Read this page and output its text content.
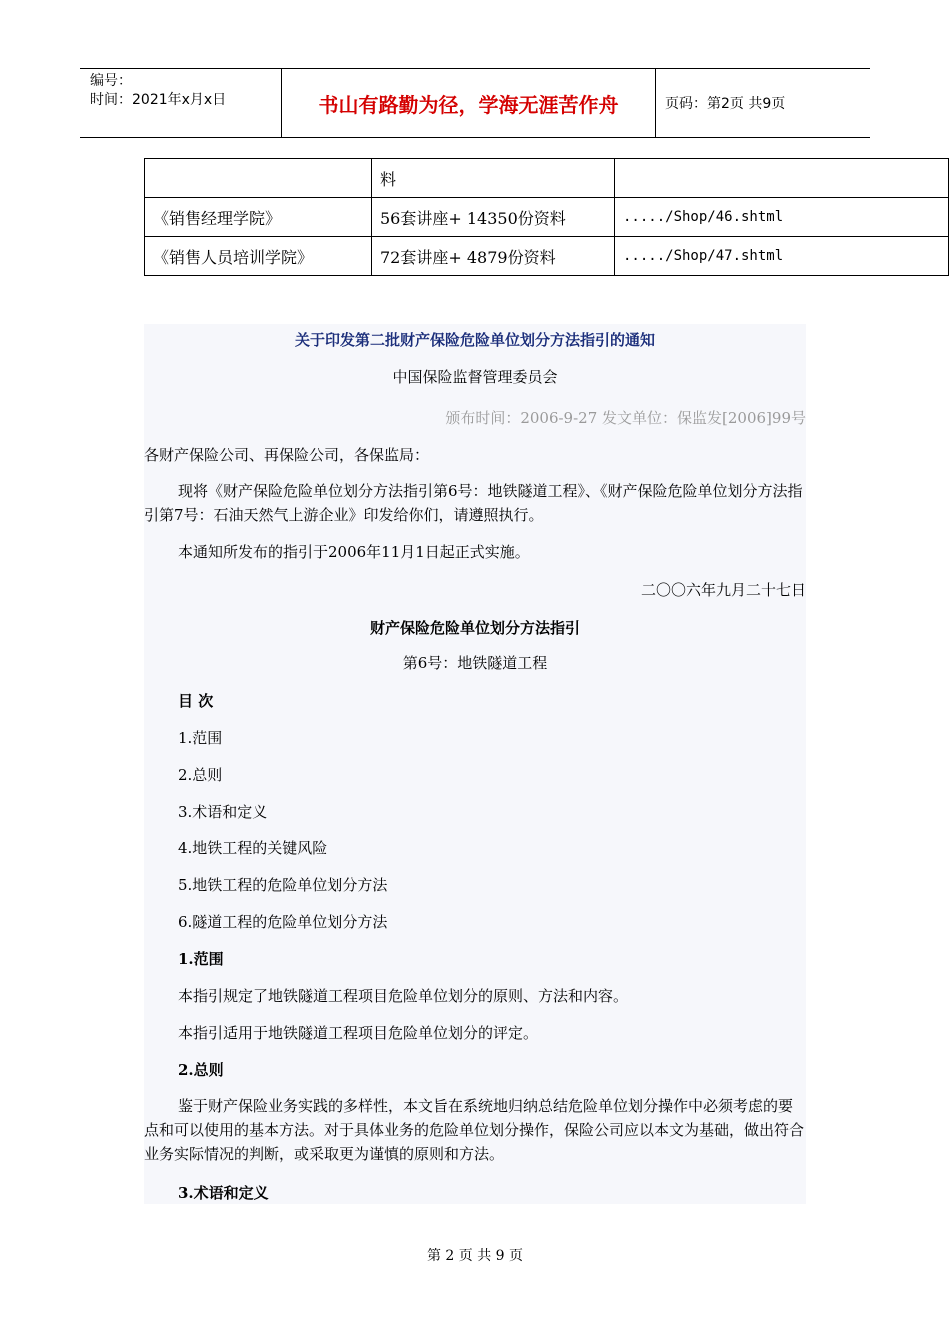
编号：
时间：2021年x月x日	书山有路勤为径，学海无涯苦作舟	页码：第2页 共9页
	料	
《销售经理学院》	56套讲座+ 14350份资料	...../Shop/46.shtml
《销售人员培训学院》	72套讲座+ 4879份资料	...../Shop/47.shtml
关于印发第二批财产保险危险单位划分方法指引的通知
中国保险监督管理委员会
颁布时间：2006-9-27 发文单位：保监发[2006]99号
各财产保险公司、再保险公司，各保监局：
现将《财产保险危险单位划分方法指引第6号：地铁隧道工程》、《财产保险危险单位划分方法指引第7号：石油天然气上游企业》印发给你们，请遵照执行。
本通知所发布的指引于2006年11月1日起正式实施。
二〇〇六年九月二十七日
财产保险危险单位划分方法指引
第6号：地铁隧道工程
目 次
1.范围
2.总则
3.术语和定义
4.地铁工程的关键风险
5.地铁工程的危险单位划分方法
6.隧道工程的危险单位划分方法
1.范围
本指引规定了地铁隧道工程项目危险单位划分的原则、方法和内容。
本指引适用于地铁隧道工程项目危险单位划分的评定。
2.总则
鉴于财产保险业务实践的多样性，本文旨在系统地归纳总结危险单位划分操作中必须考虑的要点和可以使用的基本方法。对于具体业务的危险单位划分操作，保险公司应以本文为基础，做出符合业务实际情况的判断，或采取更为谨慎的原则和方法。
3.术语和定义
第 2 页 共 9 页
